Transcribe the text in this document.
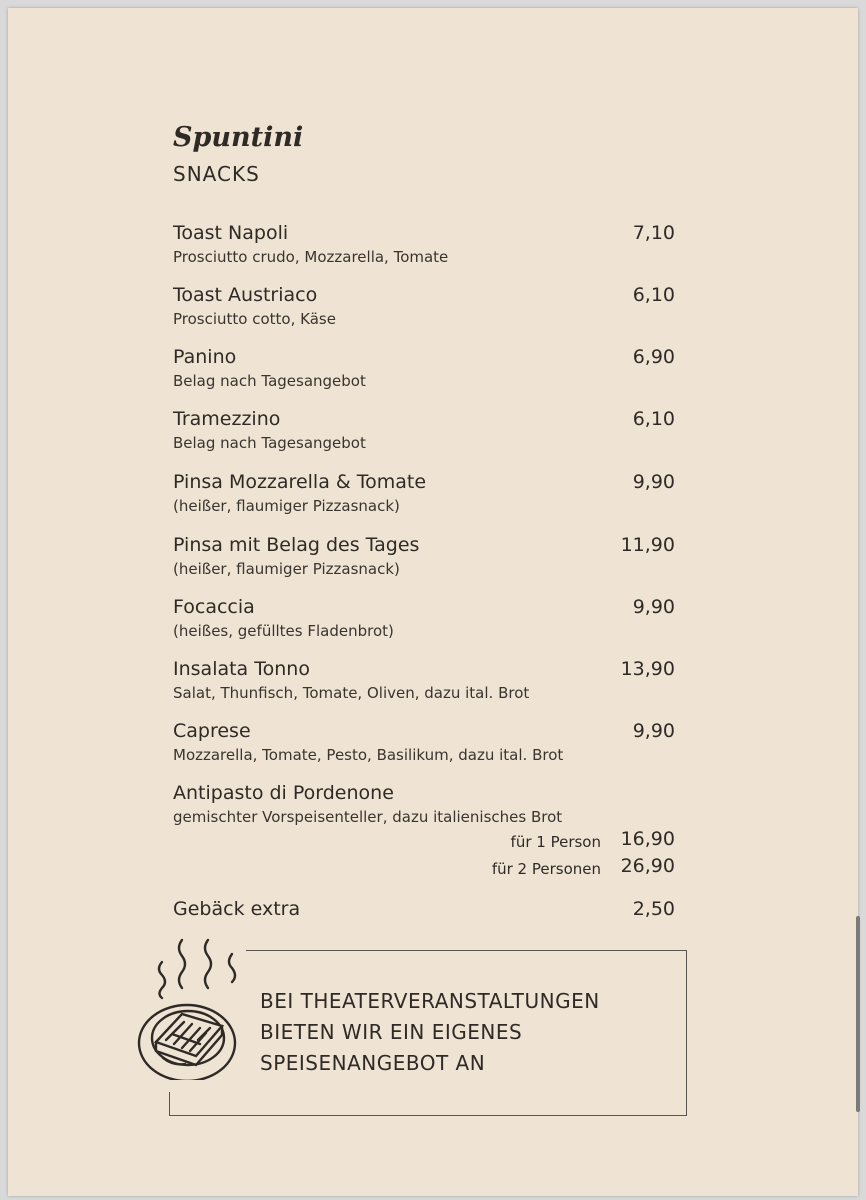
Spuntini
SNACKS
Toast Napoli	7,10
Prosciutto crudo, Mozzarella, Tomate
Toast Austriaco	6,10
Prosciutto cotto, Käse
Panino	6,90
Belag nach Tagesangebot
Tramezzino	6,10
Belag nach Tagesangebot
Pinsa Mozzarella & Tomate	9,90
(heißer, flaumiger Pizzasnack)
Pinsa mit Belag des Tages	11,90
(heißer, flaumiger Pizzasnack)
Focaccia	9,90
(heißes, gefülltes Fladenbrot)
Insalata Tonno	13,90
Salat, Thunfisch, Tomate, Oliven, dazu ital. Brot
Caprese	9,90
Mozzarella, Tomate, Pesto, Basilikum, dazu ital. Brot
Antipasto di Pordenone
gemischter Vorspeisenteller, dazu italienisches Brot
für 1 Person 16,90
für 2 Personen 26,90
Gebäck extra	2,50
BEI THEATERVERANSTALTUNGEN
BIETEN WIR EIN EIGENES
SPEISENANGEBOT AN
